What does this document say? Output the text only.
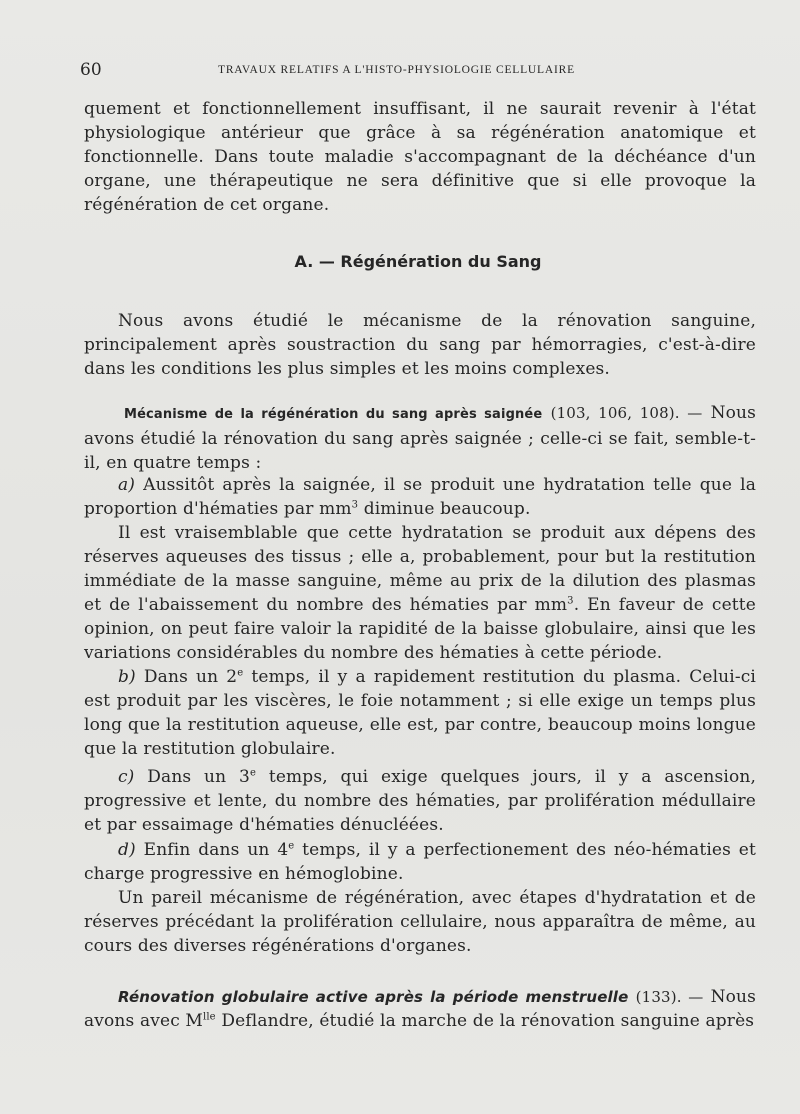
60	TRAVAUX RELATIFS A L'HISTO-PHYSIOLOGIE CELLULAIRE

quement et fonctionnellement insuffisant, il ne saurait revenir à l'état physiologique antérieur que grâce à sa régénération anatomique et fonctionnelle. Dans toute maladie s'accompagnant de la déchéance d'un organe, une thérapeutique ne sera définitive que si elle provoque la régénération de cet organe.

A. — Régénération du Sang

Nous avons étudié le mécanisme de la rénovation sanguine, principalement après soustraction du sang par hémorragies, c'est-à-dire dans les conditions les plus simples et les moins complexes.

Mécanisme de la régénération du sang après saignée (103, 106, 108). — Nous avons étudié la rénovation du sang après saignée ; celle-ci se fait, semble-t-il, en quatre temps :

a) Aussitôt après la saignée, il se produit une hydratation telle que la proportion d'hématies par $mm^3$ diminue beaucoup.

Il est vraisemblable que cette hydratation se produit aux dépens des réserves aqueuses des tissus ; elle a, probablement, pour but la restitution immédiate de la masse sanguine, même au prix de la dilution des plasmas et de l'abaissement du nombre des hématies par $mm^3$. En faveur de cette opinion, on peut faire valoir la rapidité de la baisse globulaire, ainsi que les variations considérables du nombre des hématies à cette période.

b) Dans un 2e temps, il y a rapidement restitution du plasma. Celui-ci est produit par les viscères, le foie notamment ; si elle exige un temps plus long que la restitution aqueuse, elle est, par contre, beaucoup moins longue que la restitution globulaire.

c) Dans un 3e temps, qui exige quelques jours, il y a ascension, progressive et lente, du nombre des hématies, par prolifération médullaire et par essaimage d'hématies dénucléées.

d) Enfin dans un 4e temps, il y a perfectionement des néo-hématies et charge progressive en hémoglobine.

Un pareil mécanisme de régénération, avec étapes d'hydratation et de réserves précédant la prolifération cellulaire, nous apparaîtra de même, au cours des diverses régénérations d'organes.

Rénovation globulaire active après la période menstruelle (133). — Nous avons avec $M^{lle}$ Deflandre, étudié la marche de la rénovation sanguine après
